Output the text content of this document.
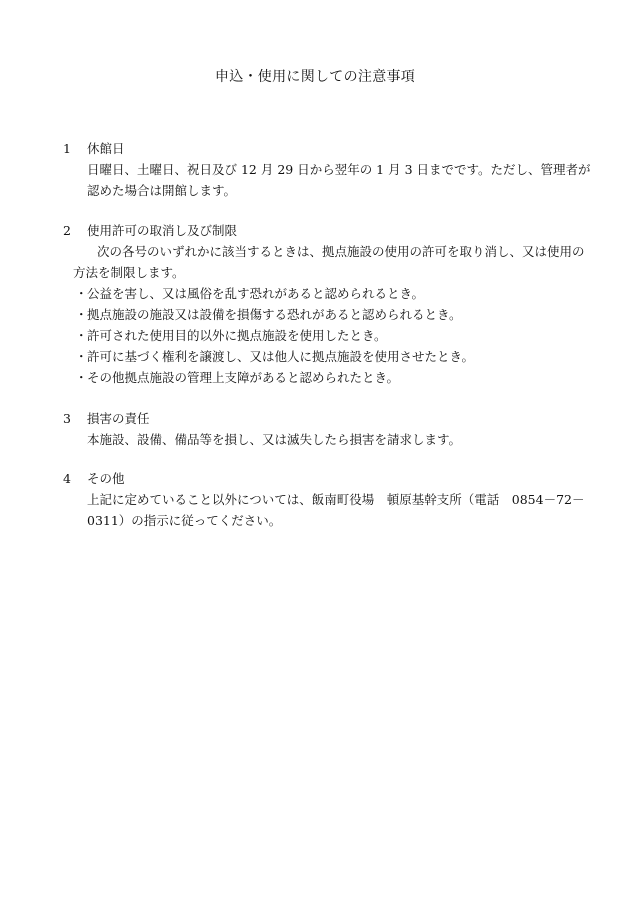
申込・使用に関しての注意事項
1	休館日
日曜日、土曜日、祝日及び 12 月 29 日から翌年の 1 月 3 日までです。ただし、管理者が認めた場合は開館します。
2	使用許可の取消し及び制限
次の各号のいずれかに該当するときは、拠点施設の使用の許可を取り消し、又は使用の方法を制限します。
・公益を害し、又は風俗を乱す恐れがあると認められるとき。
・拠点施設の施設又は設備を損傷する恐れがあると認められるとき。
・許可された使用目的以外に拠点施設を使用したとき。
・許可に基づく権利を譲渡し、又は他人に拠点施設を使用させたとき。
・その他拠点施設の管理上支障があると認められたとき。
3	損害の責任
本施設、設備、備品等を損し、又は滅失したら損害を請求します。
4	その他
上記に定めていること以外については、飯南町役場　頓原基幹支所（電話　0854－72－0311）の指示に従ってください。
